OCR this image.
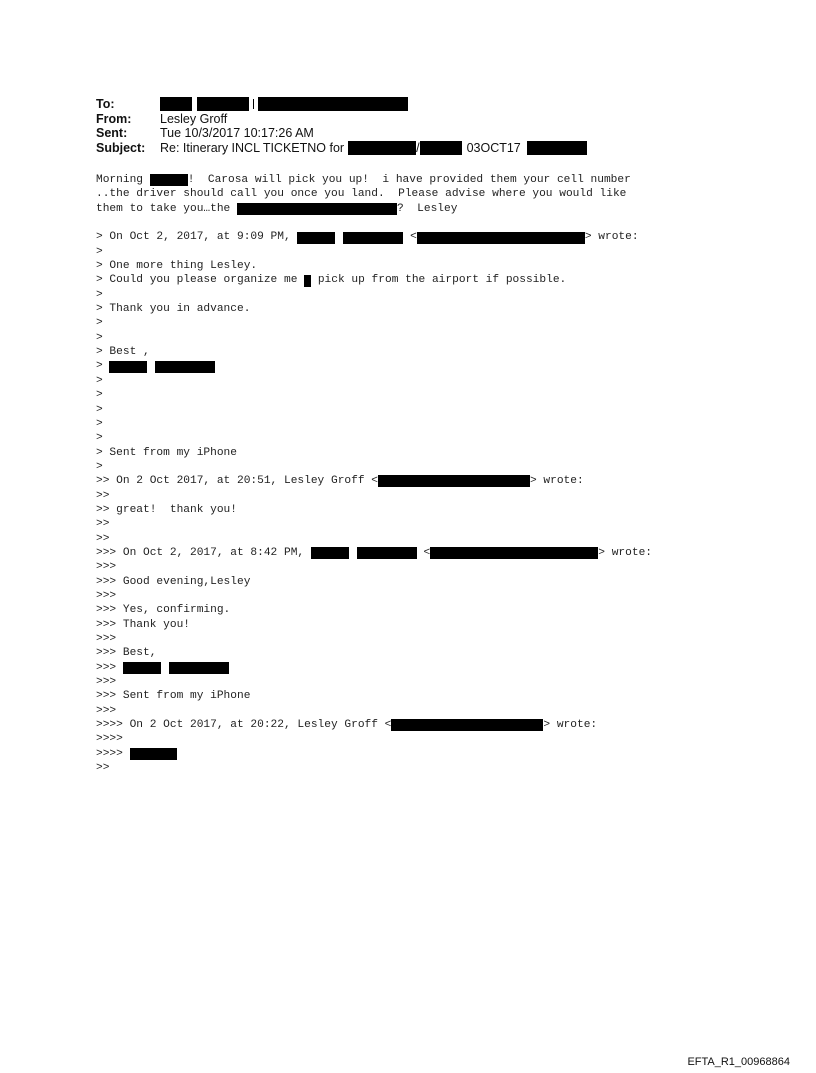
To:
From:	Lesley Groff
Sent:	Tue 10/3/2017 10:17:26 AM
Subject:	Re: Itinerary INCL TICKETNO for	/	03OCT17
Morning	!  Carosa will pick you up!  i have provided them your cell number
..the driver should call you once you land.  Please advise where you would like
them to take you…the	?  Lesley
> On Oct 2, 2017, at 9:09 PM,	<	> wrote:
>
> One more thing Lesley.
> Could you please organize me pick up from the airport if possible.
>
> Thank you in advance.
>
>
> Best ,
>
>
>
>
>
>
> Sent from my iPhone
>
>> On 2 Oct 2017, at 20:51, Lesley Groff <	> wrote:
>>
>> great!  thank you!
>>
>>
>>> On Oct 2, 2017, at 8:42 PM,	<	> wrote:
>>>
>>> Good evening,Lesley
>>>
>>> Yes, confirming.
>>> Thank you!
>>>
>>> Best,
>>>
>>>
>>> Sent from my iPhone
>>>
>>>> On 2 Oct 2017, at 20:22, Lesley Groff <	> wrote:
>>>>
>>>>
>>
EFTA_R1_00968864
